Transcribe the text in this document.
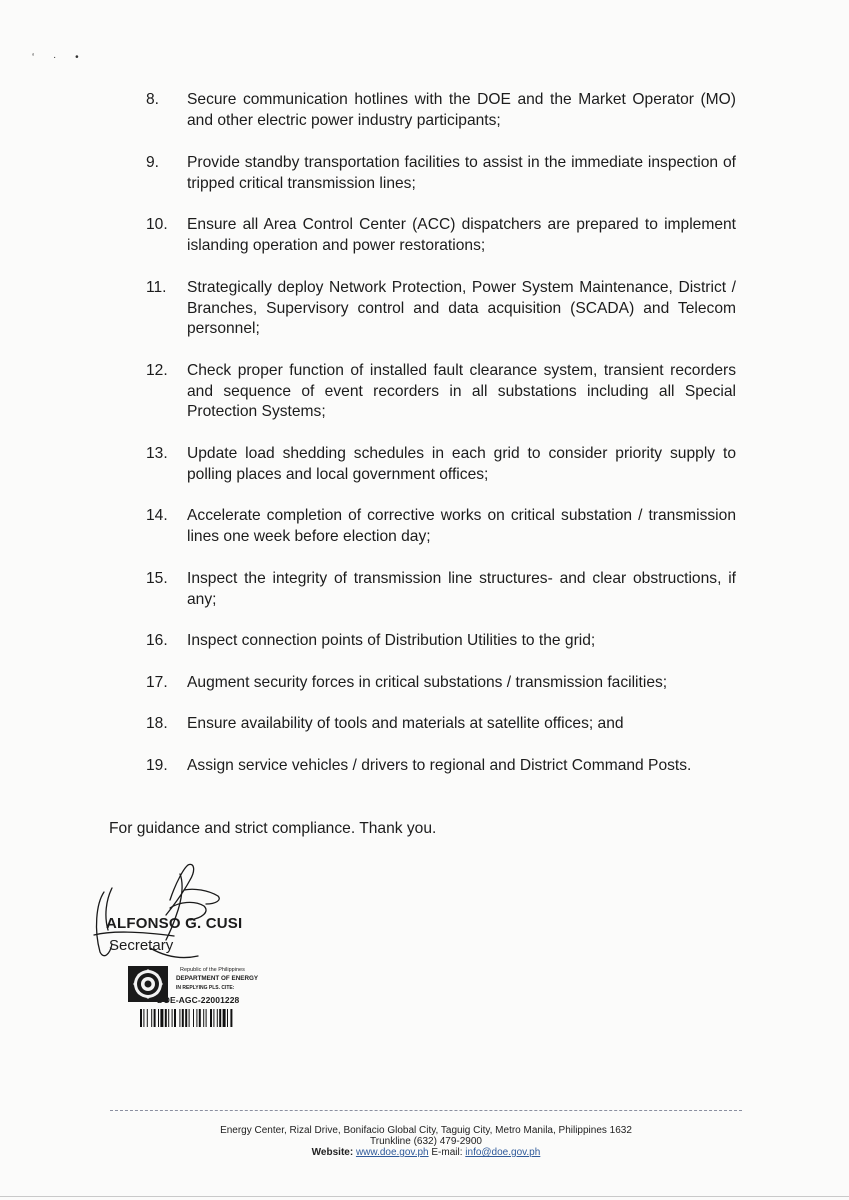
‘ · •
8.	Secure communication hotlines with the DOE and the Market Operator (MO) and other electric power industry participants;
9.	Provide standby transportation facilities to assist in the immediate inspection of tripped critical transmission lines;
10.	Ensure all Area Control Center (ACC) dispatchers are prepared to implement islanding operation and power restorations;
11.	Strategically deploy Network Protection, Power System Maintenance, District / Branches, Supervisory control and data acquisition (SCADA) and Telecom personnel;
12.	Check proper function of installed fault clearance system, transient recorders and sequence of event recorders in all substations including all Special Protection Systems;
13.	Update load shedding schedules in each grid to consider priority supply to polling places and local government offices;
14.	Accelerate completion of corrective works on critical substation / transmission lines one week before election day;
15.	Inspect the integrity of transmission line structures- and clear obstructions, if any;
16.	Inspect connection points of Distribution Utilities to the grid;
17.	Augment security forces in critical substations / transmission facilities;
18.	Ensure availability of tools and materials at satellite offices; and
19.	Assign service vehicles / drivers to regional and District Command Posts.
For guidance and strict compliance. Thank you.
ALFONSO G. CUSI
Secretary
Republic of the Philippines
DEPARTMENT OF ENERGY
IN REPLYING PLS. CITE:
DOE-AGC-22001228
Energy Center, Rizal Drive, Bonifacio Global City, Taguig City, Metro Manila, Philippines 1632
Trunkline (632) 479-2900
Website: www.doe.gov.ph E-mail: info@doe.gov.ph
